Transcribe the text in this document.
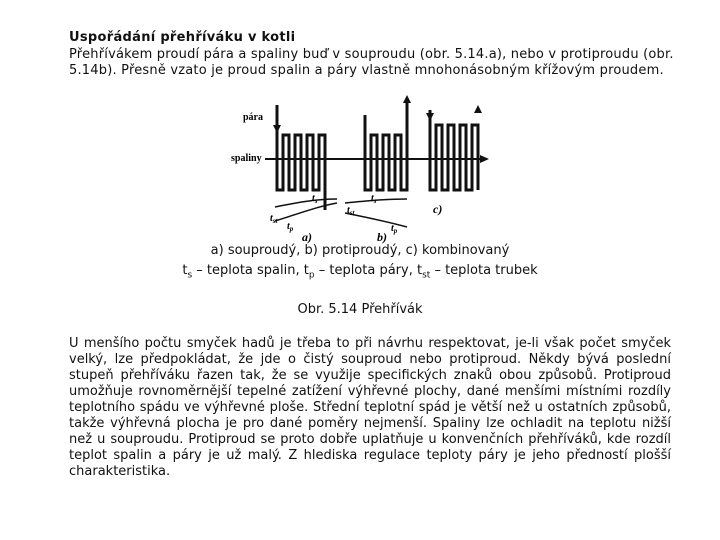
Uspořádání přehříváku v kotli
Přehřívákem proudí pára a spaliny buď v souproudu (obr. 5.14.a), nebo v protiproudu (obr. 5.14b). Přesně vzato je proud spalin a páry vlastně mnohonásobným křížovým proudem.
pára
spaliny
$t_{st}$
$t_s$
$t_p$
$t_{st}$
$t_s$
$t_p$
a)	b)
c)
a) souproudý, b) protiproudý, c) kombinovaný
$t_s$ – teplota spalin, $t_p$ – teplota páry, $t_{st}$ – teplota trubek
Obr. 5.14 Přehřívák
U menšího počtu smyček hadů je třeba to při návrhu respektovat, je-li však počet smyček velký, lze předpokládat, že jde o čistý souproud nebo protiproud. Někdy bývá poslední stupeň přehříváku řazen tak, že se využije specifických znaků obou způsobů. Protiproud umožňuje rovnoměrnější tepelné zatížení výhřevné plochy, dané menšími místními rozdíly teplotního spádu ve výhřevné ploše. Střední teplotní spád je větší než u ostatních způsobů, takže výhřevná plocha je pro dané poměry nejmenší. Spaliny lze ochladit na teplotu nižší než u souproudu. Protiproud se proto dobře uplatňuje u konvenčních přehříváků, kde rozdíl teplot spalin a páry je už malý. Z hlediska regulace teploty páry je jeho předností plošší charakteristika.
